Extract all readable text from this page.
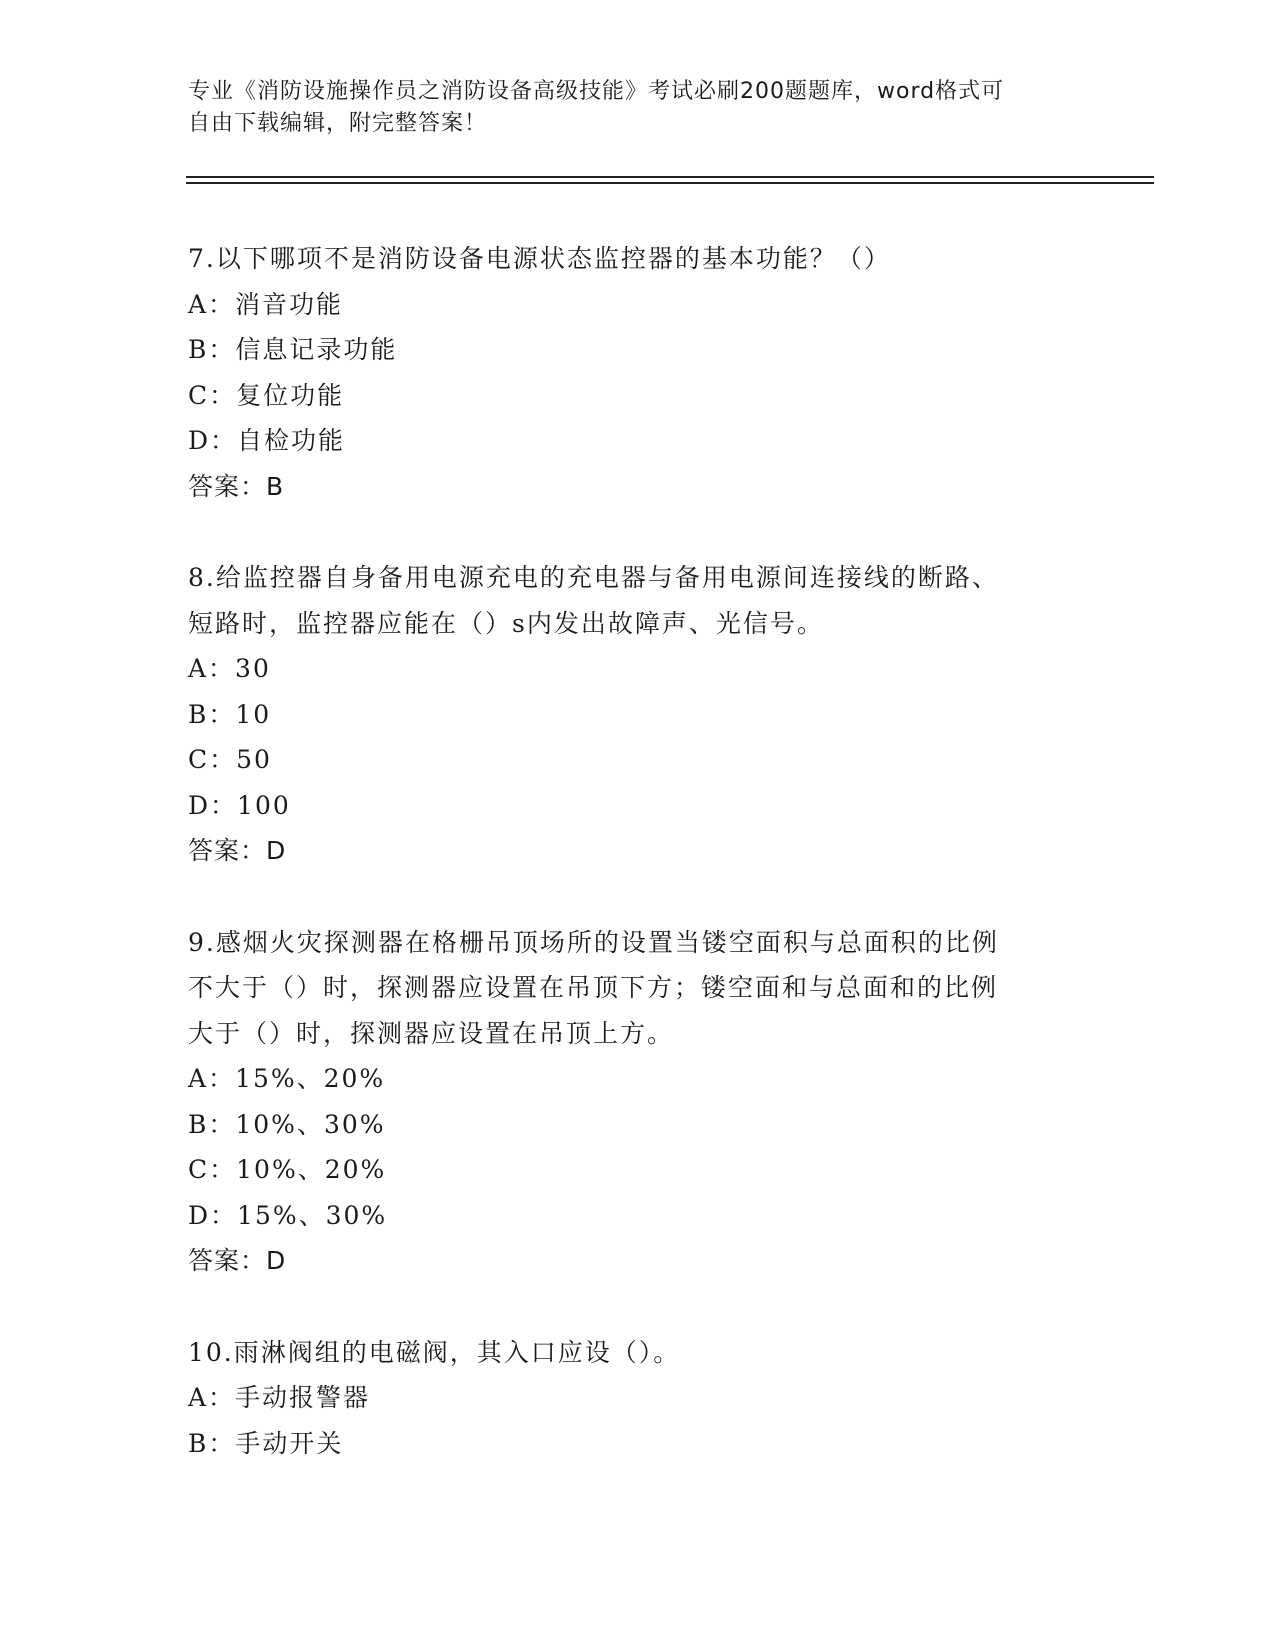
专业《消防设施操作员之消防设备高级技能》考试必刷200题题库，word格式可
自由下载编辑，附完整答案！

7.以下哪项不是消防设备电源状态监控器的基本功能？（）

A：消音功能

B：信息记录功能

C：复位功能

D：自检功能

答案：B

8.给监控器自身备用电源充电的充电器与备用电源间连接线的断路、

短路时，监控器应能在（）s内发出故障声、光信号。

A：30

B：10

C：50

D：100

答案：D

9.感烟火灾探测器在格栅吊顶场所的设置当镂空面积与总面积的比例

不大于（）时，探测器应设置在吊顶下方；镂空面和与总面和的比例

大于（）时，探测器应设置在吊顶上方。

A：15%、20%

B：10%、30%

C：10%、20%

D：15%、30%

答案：D

10.雨淋阀组的电磁阀，其入口应设（）。

A：手动报警器

B：手动开关
